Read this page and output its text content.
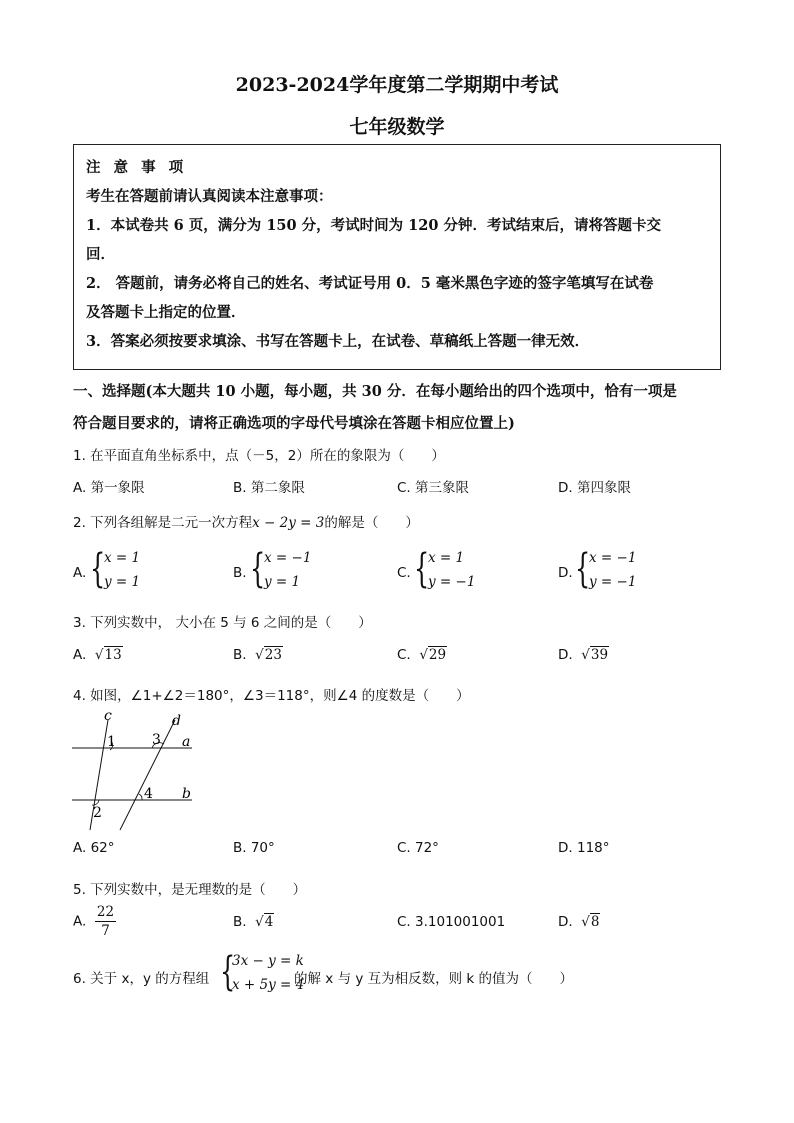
2023-2024学年度第二学期期中考试
七年级数学
注 意 事 项
考生在答题前请认真阅读本注意事项：
1．本试卷共 6 页，满分为 150 分，考试时间为 120 分钟．考试结束后，请将答题卡交
回．
2． 答题前，请务必将自己的姓名、考试证号用 0．5 毫米黑色字迹的签字笔填写在试卷
及答题卡上指定的位置．
3．答案必须按要求填涂、书写在答题卡上，在试卷、草稿纸上答题一律无效．
一、选择题(本大题共 10 小题，每小题，共 30 分．在每小题给出的四个选项中，恰有一项是
符合题目要求的，请将正确选项的字母代号填涂在答题卡相应位置上)
1. 在平面直角坐标系中，点（－5，2）所在的象限为（　　）
A. 第一象限	B. 第二象限	C. 第三象限	D. 第四象限
2. 下列各组解是二元一次方程x − 2y = 3的解是（　　）
A. {
x = 1
y = 1
B. {
x = −1
y = 1
C. {
x = 1
y = −1
D. {
x = −1
y = −1
3. 下列实数中， 大小在 5 与 6 之间的是（　　）
A. √13	B. √23	C. √29	D. √39
4. 如图，∠1+∠2＝180°，∠3＝118°，则∠4 的度数是（　　）
c	d
a
b
1	3
2
4
A. 62°	B. 70°	C. 72°	D. 118°
5. 下列实数中，是无理数的是（　　）
A. $\frac{22}{7}$	B. √4	C. 3.101001001	D. √8
6. 关于 x，y 的方程组 {
3x − y = k
x + 5y = 4
的解 x 与 y 互为相反数，则 k 的值为（　　）
